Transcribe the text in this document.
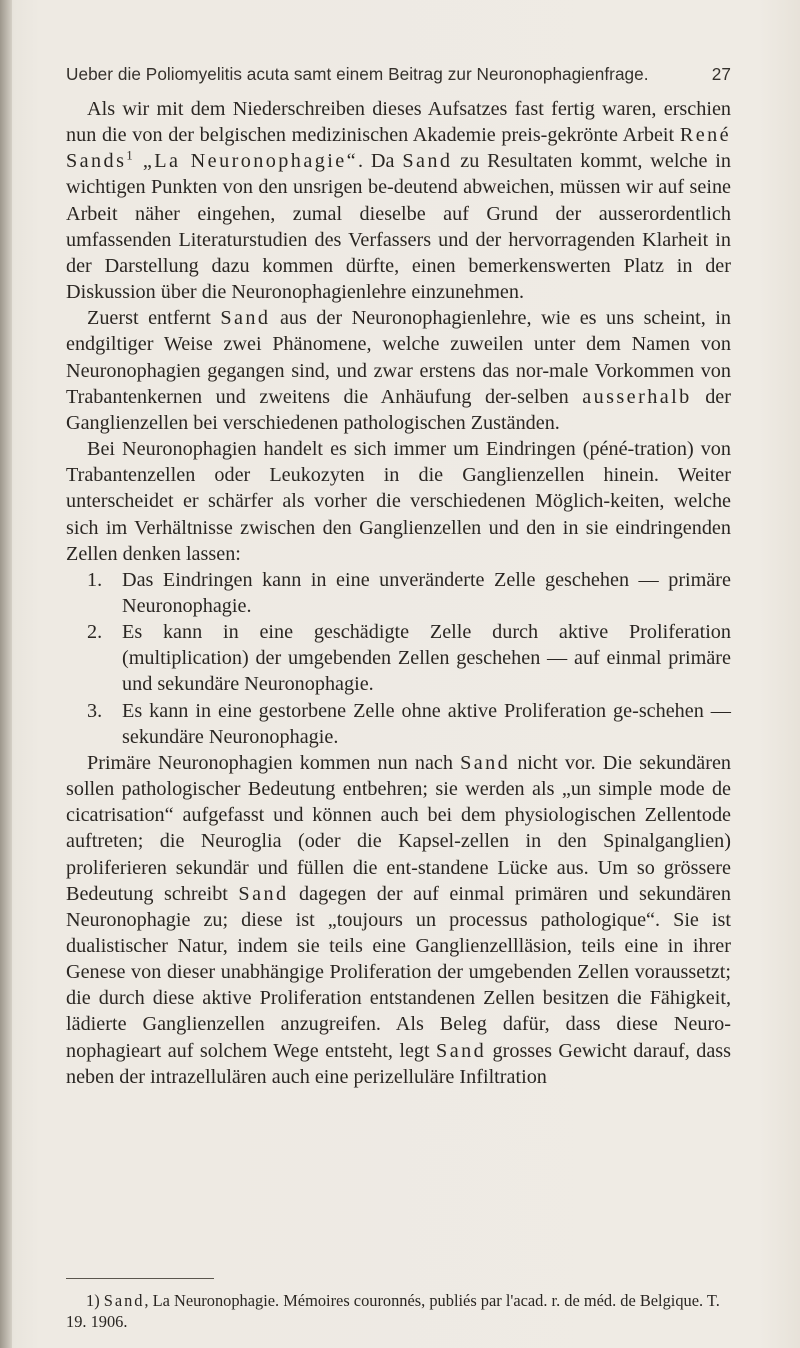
Ueber die Poliomyelitis acuta samt einem Beitrag zur Neuronophagienfrage.	27

Als wir mit dem Niederschreiben dieses Aufsatzes fast fertig waren, erschien nun die von der belgischen medizinischen Akademie preis-gekrönte Arbeit René Sands$^1$ „La Neuronophagie“. Da Sand zu Resultaten kommt, welche in wichtigen Punkten von den unsrigen be-deutend abweichen, müssen wir auf seine Arbeit näher eingehen, zumal dieselbe auf Grund der ausserordentlich umfassenden Literaturstudien des Verfassers und der hervorragenden Klarheit in der Darstellung dazu kommen dürfte, einen bemerkenswerten Platz in der Diskussion über die Neuronophagienlehre einzunehmen.

Zuerst entfernt Sand aus der Neuronophagienlehre, wie es uns scheint, in endgiltiger Weise zwei Phänomene, welche zuweilen unter dem Namen von Neuronophagien gegangen sind, und zwar erstens das nor-male Vorkommen von Trabantenkernen und zweitens die Anhäufung der-selben ausserhalb der Ganglienzellen bei verschiedenen pathologischen Zuständen.

Bei Neuronophagien handelt es sich immer um Eindringen (péné-tration) von Trabantenzellen oder Leukozyten in die Ganglienzellen hinein. Weiter unterscheidet er schärfer als vorher die verschiedenen Möglich-keiten, welche sich im Verhältnisse zwischen den Ganglienzellen und den in sie eindringenden Zellen denken lassen:

1. Das Eindringen kann in eine unveränderte Zelle geschehen — primäre Neuronophagie.
2. Es kann in eine geschädigte Zelle durch aktive Proliferation (multiplication) der umgebenden Zellen geschehen — auf einmal primäre und sekundäre Neuronophagie.
3. Es kann in eine gestorbene Zelle ohne aktive Proliferation ge-schehen — sekundäre Neuronophagie.

Primäre Neuronophagien kommen nun nach Sand nicht vor. Die sekundären sollen pathologischer Bedeutung entbehren; sie werden als „un simple mode de cicatrisation“ aufgefasst und können auch bei dem physiologischen Zellentode auftreten; die Neuroglia (oder die Kapsel-zellen in den Spinalganglien) proliferieren sekundär und füllen die ent-standene Lücke aus. Um so grössere Bedeutung schreibt Sand dagegen der auf einmal primären und sekundären Neuronophagie zu; diese ist „toujours un processus pathologique“. Sie ist dualistischer Natur, indem sie teils eine Ganglienzellläsion, teils eine in ihrer Genese von dieser unabhängige Proliferation der umgebenden Zellen voraussetzt; die durch diese aktive Proliferation entstandenen Zellen besitzen die Fähigkeit, lädierte Ganglienzellen anzugreifen. Als Beleg dafür, dass diese Neuro-nophagieart auf solchem Wege entsteht, legt Sand grosses Gewicht darauf, dass neben der intrazellulären auch eine perizelluläre Infiltration

1) Sand, La Neuronophagie. Mémoires couronnés, publiés par l'acad. r. de méd. de Belgique. T. 19. 1906.
